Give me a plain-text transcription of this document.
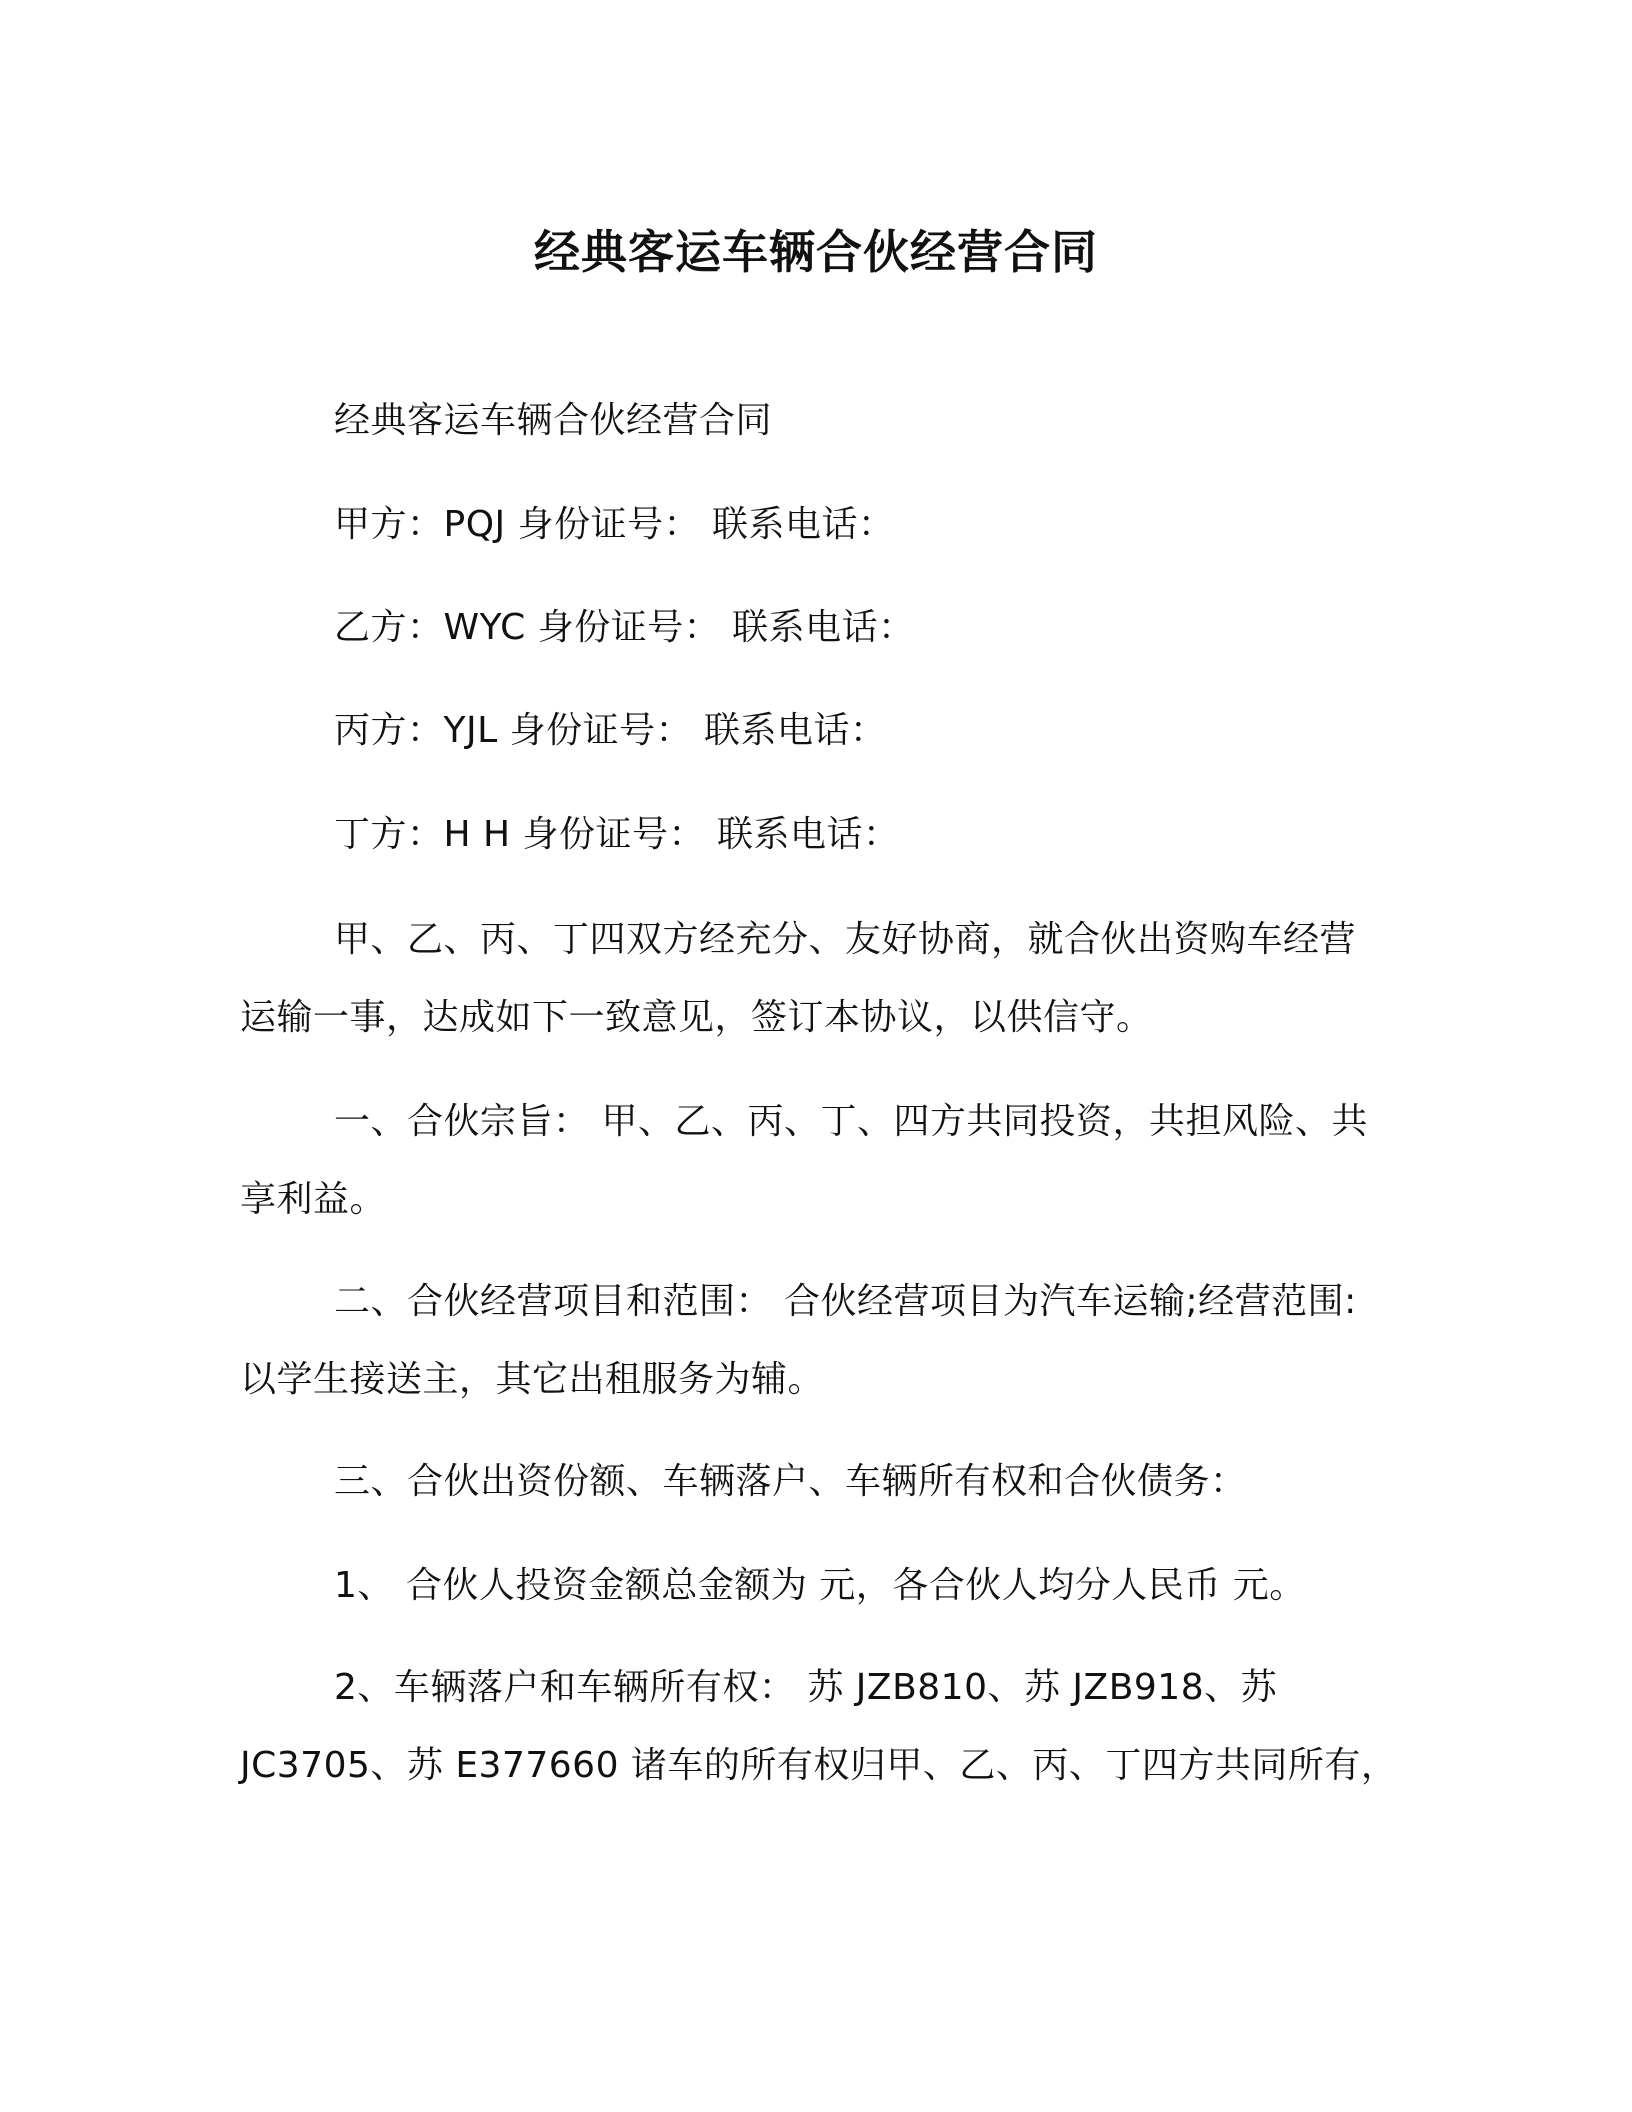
经典客运车辆合伙经营合同
经典客运车辆合伙经营合同
甲方：PQJ 身份证号： 联系电话：
乙方：WYC 身份证号： 联系电话：
丙方：YJL 身份证号： 联系电话：
丁方：H H 身份证号： 联系电话：
甲、乙、丙、丁四双方经充分、友好协商，就合伙出资购车经营
运输一事，达成如下一致意见，签订本协议，以供信守。
一、合伙宗旨： 甲、乙、丙、丁、四方共同投资，共担风险、共
享利益。
二、合伙经营项目和范围： 合伙经营项目为汽车运输;经营范围:
以学生接送主，其它出租服务为辅。
三、合伙出资份额、车辆落户、车辆所有权和合伙债务：
1、 合伙人投资金额总金额为 元，各合伙人均分人民币 元。
2、车辆落户和车辆所有权： 苏 JZB810、苏 JZB918、苏
JC3705、苏 E377660 诸车的所有权归甲、乙、丙、丁四方共同所有，
